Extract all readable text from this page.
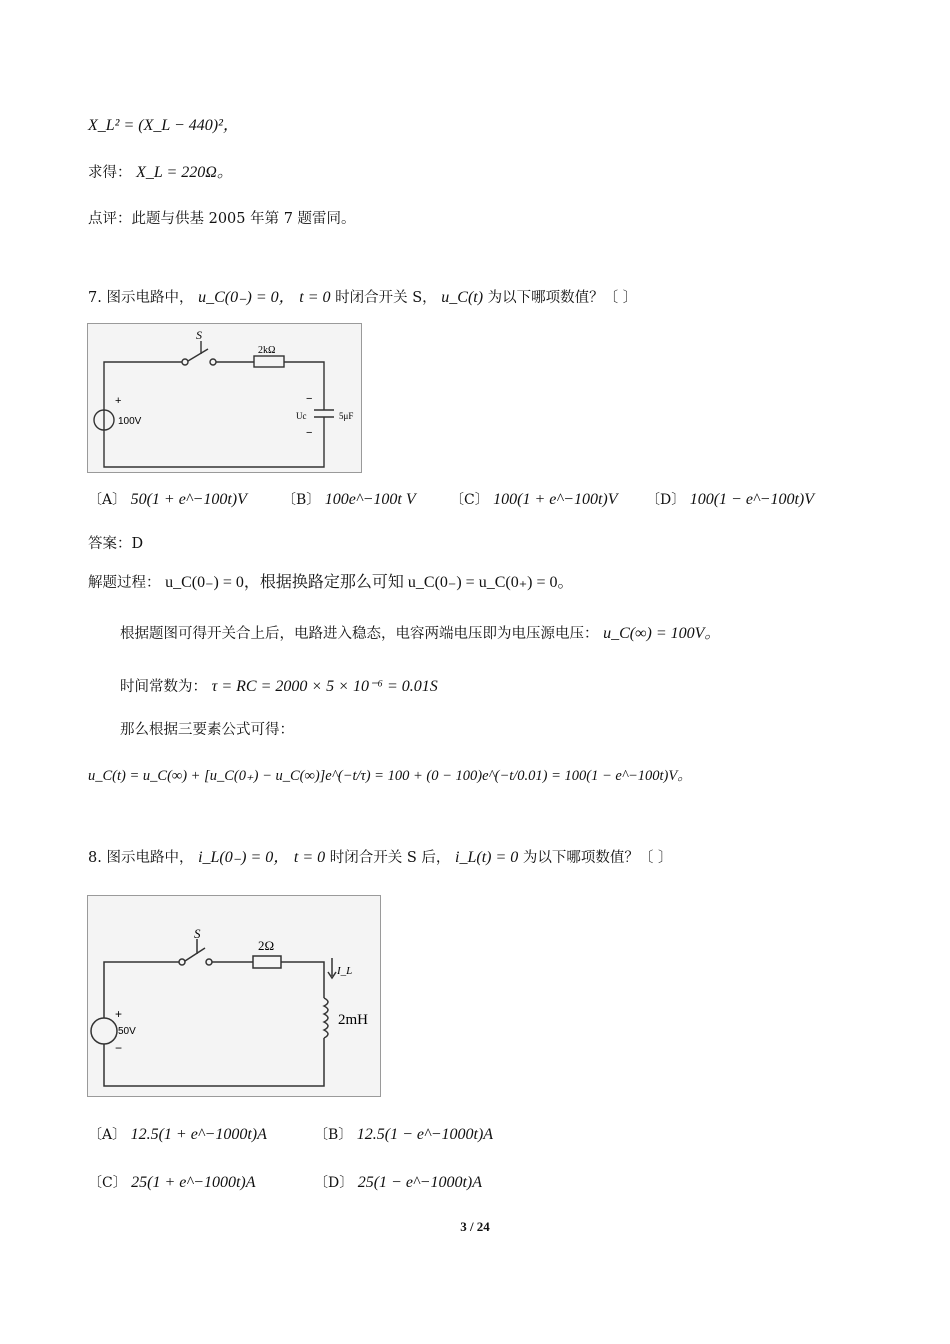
X_L² = (X_L − 440)²，
求得： X_L = 220Ω。
点评：此题与供基 2005 年第 7 题雷同。
7. 图示电路中， u_C(0₋) = 0， t = 0 时闭合开关 S， u_C(t) 为以下哪项数值？〔 〕
S
2kΩ
+
100V
−
Uc	5μF
−
〔A〕 50(1 + e^−100t)V	〔B〕 100e^−100t V 〔C〕 100(1 + e^−100t)V 〔D〕 100(1 − e^−100t)V
答案：D
解题过程： u_C(0₋) = 0，根据换路定那么可知 u_C(0₋) = u_C(0₊) = 0。
根据题图可得开关合上后，电路进入稳态，电容两端电压即为电压源电压： u_C(∞) = 100V。
时间常数为： τ = RC = 2000 × 5 × 10⁻⁶ = 0.01S
那么根据三要素公式可得：
u_C(t) = u_C(∞) + [u_C(0₊) − u_C(∞)]e^(−t/τ) = 100 + (0 − 100)e^(−t/0.01) = 100(1 − e^−100t)V。
8. 图示电路中， i_L(0₋) = 0， t = 0 时闭合开关 S 后， i_L(t) = 0 为以下哪项数值？〔 〕
S
2Ω
I_L
2mH
+
50V
−
〔A〕 12.5(1 + e^−1000t)A	〔B〕 12.5(1 − e^−1000t)A
〔C〕 25(1 + e^−1000t)A	〔D〕 25(1 − e^−1000t)A
3 / 24
